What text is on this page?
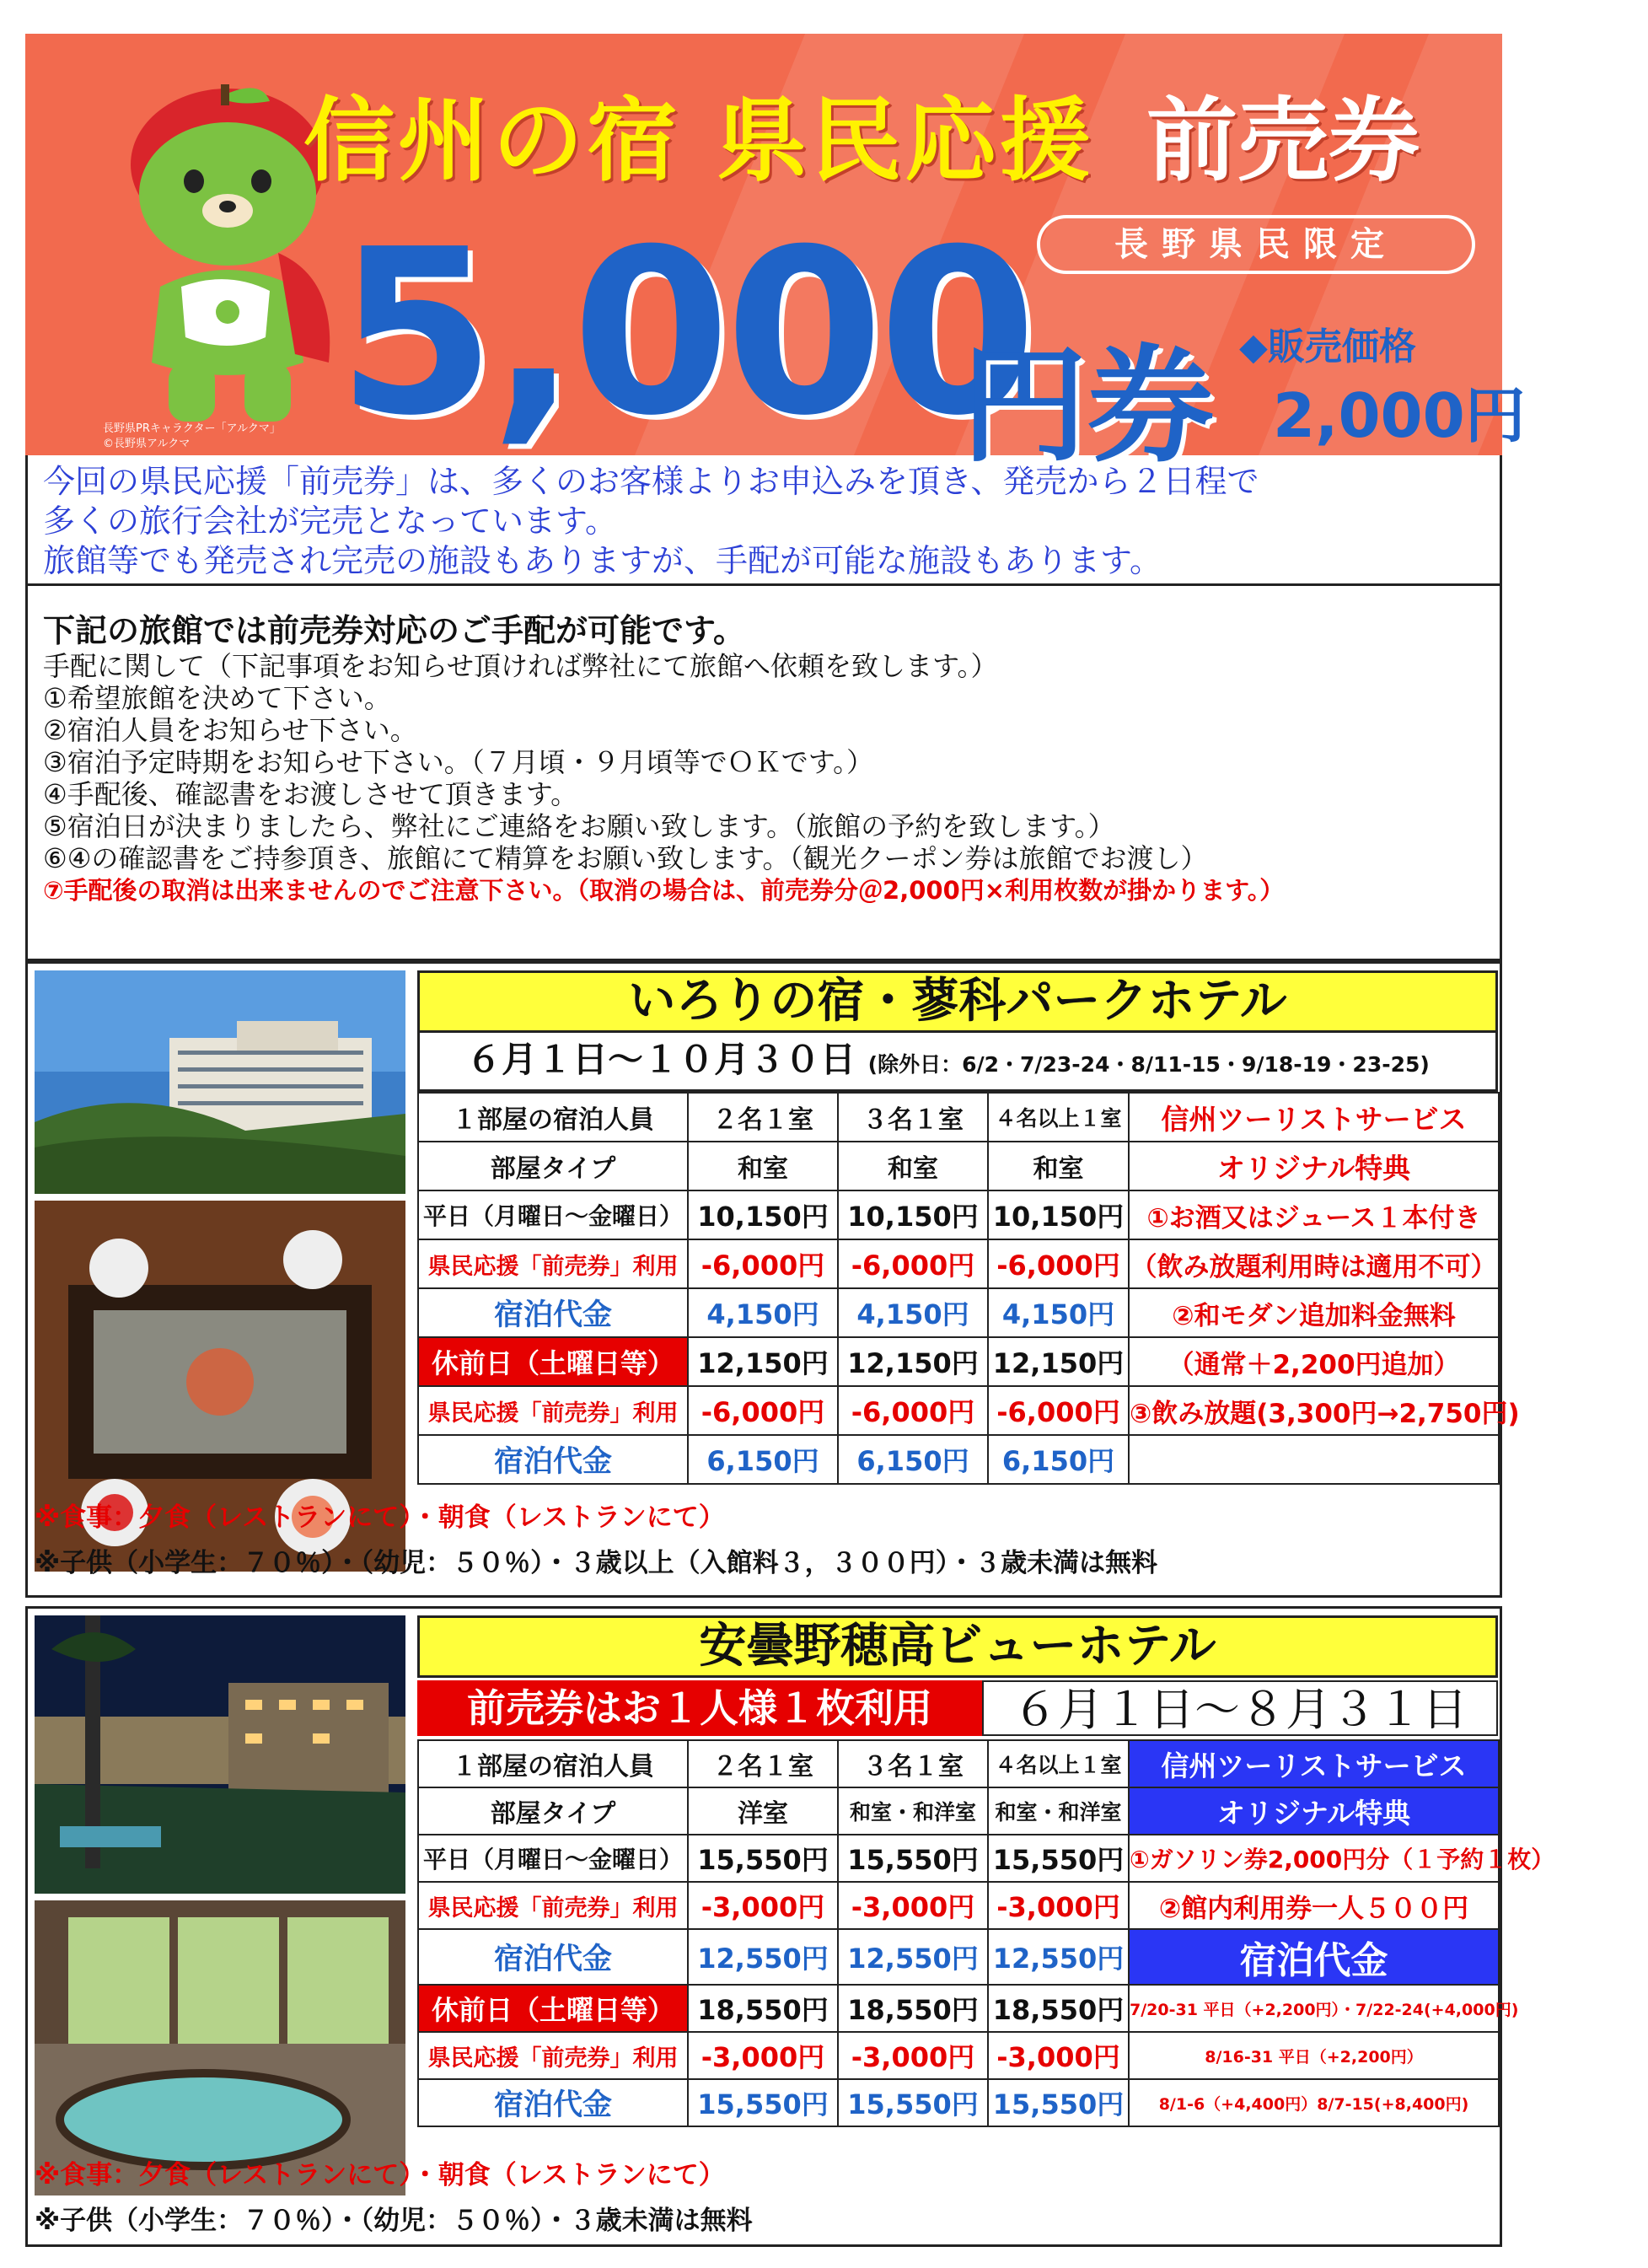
長野県PRキャラクター「アルクマ」
©長野県アルクマ
信州の宿 県民応援 前売券
長野県民限定
5,000
円券 ◆販売価格
2,000円
今回の県民応援「前売券」は、多くのお客様よりお申込みを頂き、発売から２日程で
多くの旅行会社が完売となっています。
旅館等でも発売され完売の施設もありますが、手配が可能な施設もあります。
下記の旅館では前売券対応のご手配が可能です。
手配に関して（下記事項をお知らせ頂ければ弊社にて旅館へ依頼を致します。）
①希望旅館を決めて下さい。
②宿泊人員をお知らせ下さい。
③宿泊予定時期をお知らせ下さい。（７月頃・９月頃等でＯＫです。）
④手配後、確認書をお渡しさせて頂きます。
⑤宿泊日が決まりましたら、弊社にご連絡をお願い致します。（旅館の予約を致します。）
⑥④の確認書をご持参頂き、旅館にて精算をお願い致します。（観光クーポン券は旅館でお渡し）
⑦手配後の取消は出来ませんのでご注意下さい。（取消の場合は、前売券分＠2,000円×利用枚数が掛かります。）
いろりの宿・蓼科パークホテル
６月１日～１０月３０日 (除外日：6/2・7/23-24・8/11-15・9/18-19・23-25)
１部屋の宿泊人員	２名１室	３名１室	４名以上１室	信州ツーリストサービス
部屋タイプ	和室	和室	和室	オリジナル特典
平日（月曜日～金曜日）	10,150円	10,150円	10,150円	①お酒又はジュース１本付き
県民応援「前売券」利用	-6,000円	-6,000円	-6,000円	（飲み放題利用時は適用不可）
宿泊代金	4,150円	4,150円	4,150円	②和モダン追加料金無料
休前日（土曜日等）	12,150円	12,150円	12,150円	（通常＋2,200円追加）
県民応援「前売券」利用	-6,000円	-6,000円	-6,000円	③飲み放題(3,300円→2,750円)
宿泊代金	6,150円	6,150円	6,150円	
※食事：夕食（レストランにて）・朝食（レストランにて）
※子供（小学生：７０％）・（幼児：５０％）・３歳以上（入館料３，３００円）・３歳未満は無料
安曇野穂高ビューホテル
前売券はお１人様１枚利用	６月１日～８月３１日
１部屋の宿泊人員	２名１室	３名１室	４名以上１室	信州ツーリストサービス
部屋タイプ	洋室	和室・和洋室	和室・和洋室	オリジナル特典
平日（月曜日～金曜日）	15,550円	15,550円	15,550円	①ガソリン券2,000円分（１予約１枚）
県民応援「前売券」利用	-3,000円	-3,000円	-3,000円	②館内利用券一人５００円
宿泊代金	12,550円	12,550円	12,550円	宿泊代金
休前日（土曜日等）	18,550円	18,550円	18,550円	7/20-31 平日（+2,200円）・7/22-24(+4,000円)
県民応援「前売券」利用	-3,000円	-3,000円	-3,000円	8/16-31 平日（+2,200円）
宿泊代金	15,550円	15,550円	15,550円	8/1-6（+4,400円）8/7-15(+8,400円)
※食事：夕食（レストランにて）・朝食（レストランにて）
※子供（小学生：７０％）・（幼児：５０％）・３歳未満は無料
